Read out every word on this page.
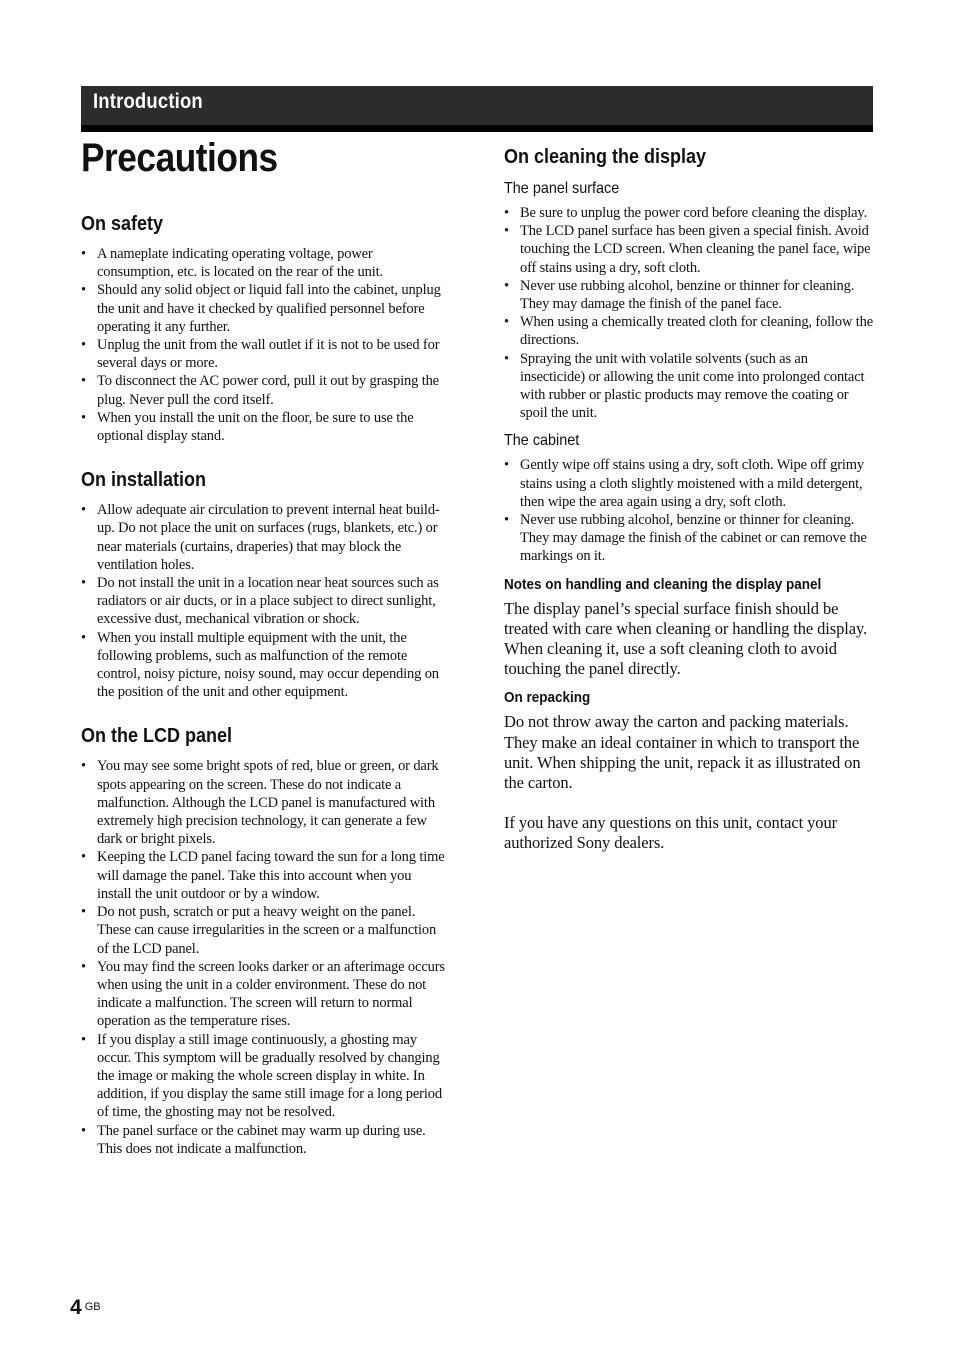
Introduction
Precautions
On safety
• A nameplate indicating operating voltage, power consumption, etc. is located on the rear of the unit.
• Should any solid object or liquid fall into the cabinet, unplug the unit and have it checked by qualified personnel before operating it any further.
• Unplug the unit from the wall outlet if it is not to be used for several days or more.
• To disconnect the AC power cord, pull it out by grasping the plug. Never pull the cord itself.
• When you install the unit on the floor, be sure to use the optional display stand.
On installation
• Allow adequate air circulation to prevent internal heat build-up. Do not place the unit on surfaces (rugs, blankets, etc.) or near materials (curtains, draperies) that may block the ventilation holes.
• Do not install the unit in a location near heat sources such as radiators or air ducts, or in a place subject to direct sunlight, excessive dust, mechanical vibration or shock.
• When you install multiple equipment with the unit, the following problems, such as malfunction of the remote control, noisy picture, noisy sound, may occur depending on the position of the unit and other equipment.
On the LCD panel
• You may see some bright spots of red, blue or green, or dark spots appearing on the screen. These do not indicate a malfunction. Although the LCD panel is manufactured with extremely high precision technology, it can generate a few dark or bright pixels.
• Keeping the LCD panel facing toward the sun for a long time will damage the panel. Take this into account when you install the unit outdoor or by a window.
• Do not push, scratch or put a heavy weight on the panel. These can cause irregularities in the screen or a malfunction of the LCD panel.
• You may find the screen looks darker or an afterimage occurs when using the unit in a colder environment. These do not indicate a malfunction. The screen will return to normal operation as the temperature rises.
• If you display a still image continuously, a ghosting may occur. This symptom will be gradually resolved by changing the image or making the whole screen display in white. In addition, if you display the same still image for a long period of time, the ghosting may not be resolved.
• The panel surface or the cabinet may warm up during use. This does not indicate a malfunction.
On cleaning the display
The panel surface
• Be sure to unplug the power cord before cleaning the display.
• The LCD panel surface has been given a special finish. Avoid touching the LCD screen. When cleaning the panel face, wipe off stains using a dry, soft cloth.
• Never use rubbing alcohol, benzine or thinner for cleaning. They may damage the finish of the panel face.
• When using a chemically treated cloth for cleaning, follow the directions.
• Spraying the unit with volatile solvents (such as an insecticide) or allowing the unit come into prolonged contact with rubber or plastic products may remove the coating or spoil the unit.
The cabinet
• Gently wipe off stains using a dry, soft cloth. Wipe off grimy stains using a cloth slightly moistened with a mild detergent, then wipe the area again using a dry, soft cloth.
• Never use rubbing alcohol, benzine or thinner for cleaning. They may damage the finish of the cabinet or can remove the markings on it.
Notes on handling and cleaning the display panel

The display panel’s special surface finish should be treated with care when cleaning or handling the display. When cleaning it, use a soft cleaning cloth to avoid touching the panel directly.

On repacking

Do not throw away the carton and packing materials. They make an ideal container in which to transport the unit. When shipping the unit, repack it as illustrated on the carton.

If you have any questions on this unit, contact your authorized Sony dealers.

4 $^{GB}$
